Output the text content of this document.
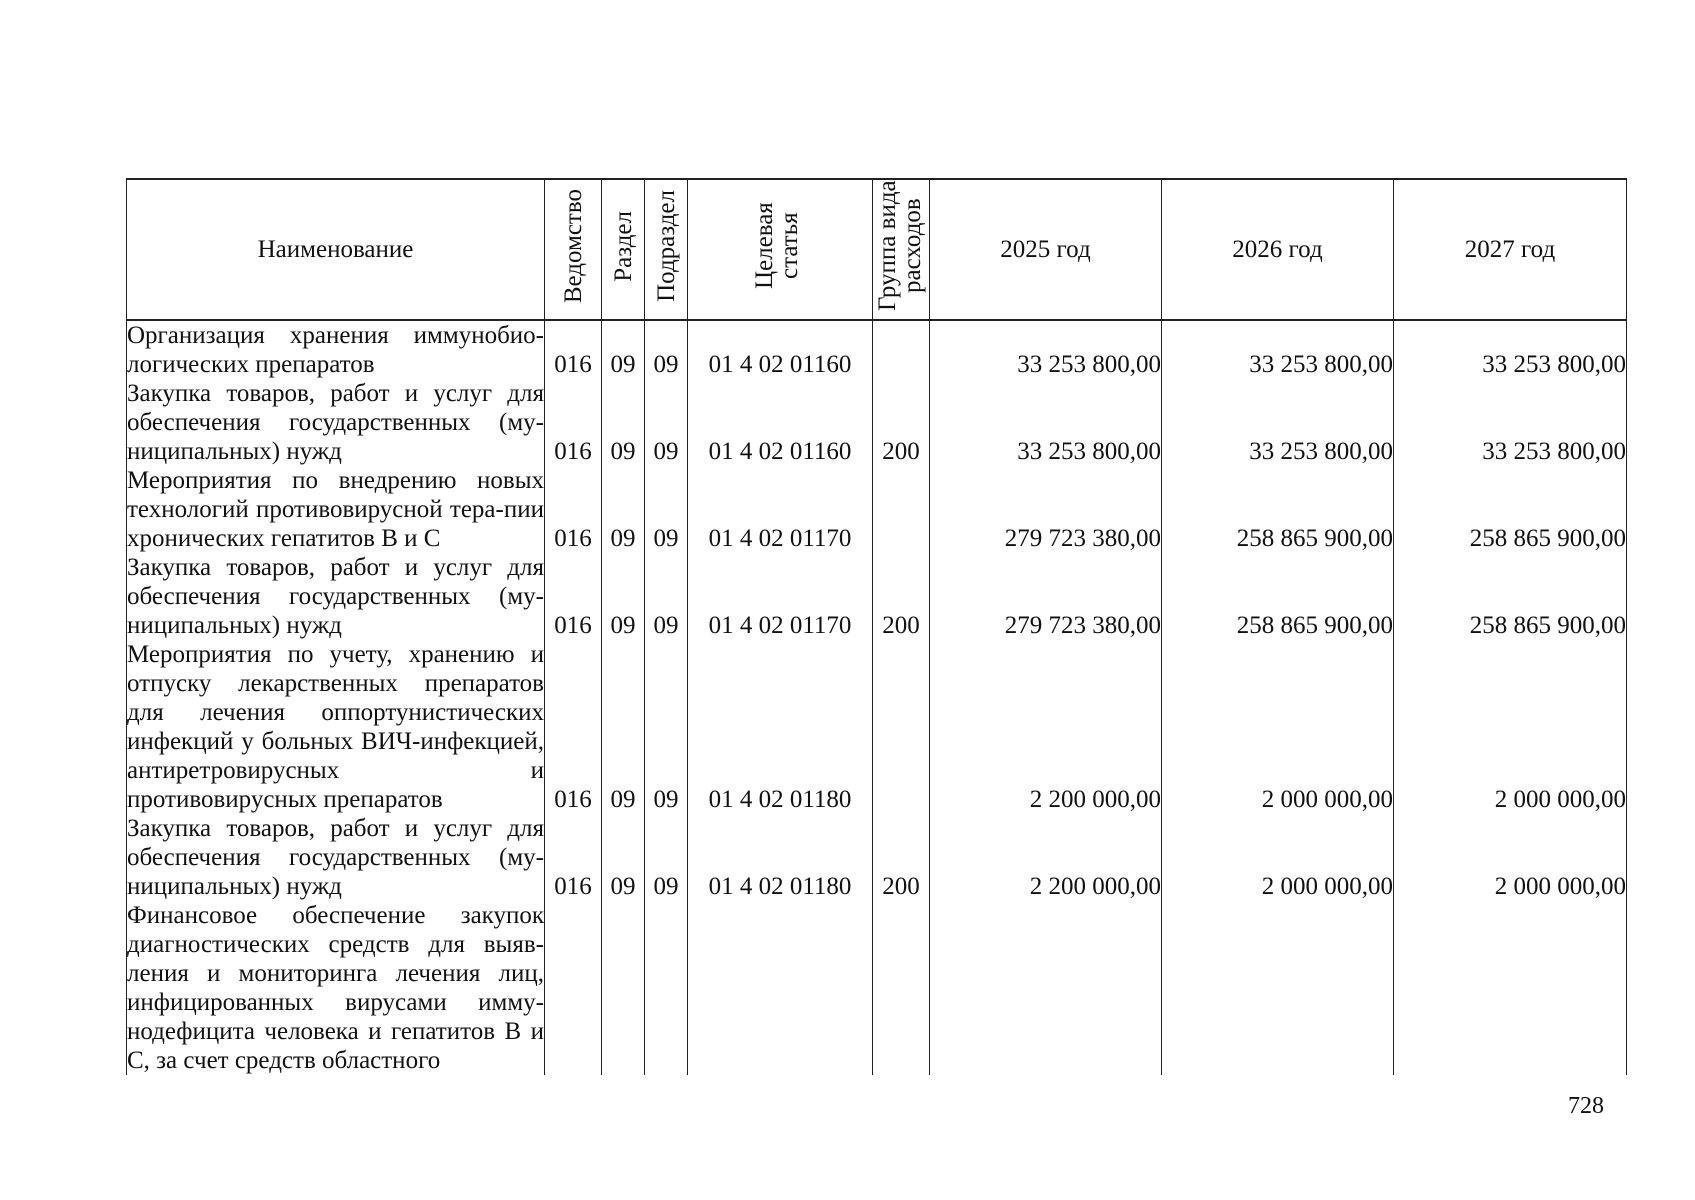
Наименование	Ведомство	Раздел	Подраздел	Целевая статья	Группа вида расходов	2025 год	2026 год	2027 год
Организация хранения иммунобио-логических препаратов	016	09	09	01 4 02 01160		33 253 800,00	33 253 800,00	33 253 800,00
Закупка товаров, работ и услуг для обеспечения государственных (му-ниципальных) нужд	016	09	09	01 4 02 01160	200	33 253 800,00	33 253 800,00	33 253 800,00
Мероприятия по внедрению новых технологий противовирусной тера-пии хронических гепатитов В и С	016	09	09	01 4 02 01170		279 723 380,00	258 865 900,00	258 865 900,00
Закупка товаров, работ и услуг для обеспечения государственных (му-ниципальных) нужд	016	09	09	01 4 02 01170	200	279 723 380,00	258 865 900,00	258 865 900,00
Мероприятия по учету, хранению и отпуску лекарственных препаратов для лечения оппортунистических инфекций у больных ВИЧ-инфекцией, антиретровирусных и противовирусных препаратов	016	09	09	01 4 02 01180		2 200 000,00	2 000 000,00	2 000 000,00
Закупка товаров, работ и услуг для обеспечения государственных (му-ниципальных) нужд	016	09	09	01 4 02 01180	200	2 200 000,00	2 000 000,00	2 000 000,00
Финансовое обеспечение закупок диагностических средств для выяв-ления и мониторинга лечения лиц, инфицированных вирусами имму-нодефицита человека и гепатитов В и С, за счет средств областного								
728
